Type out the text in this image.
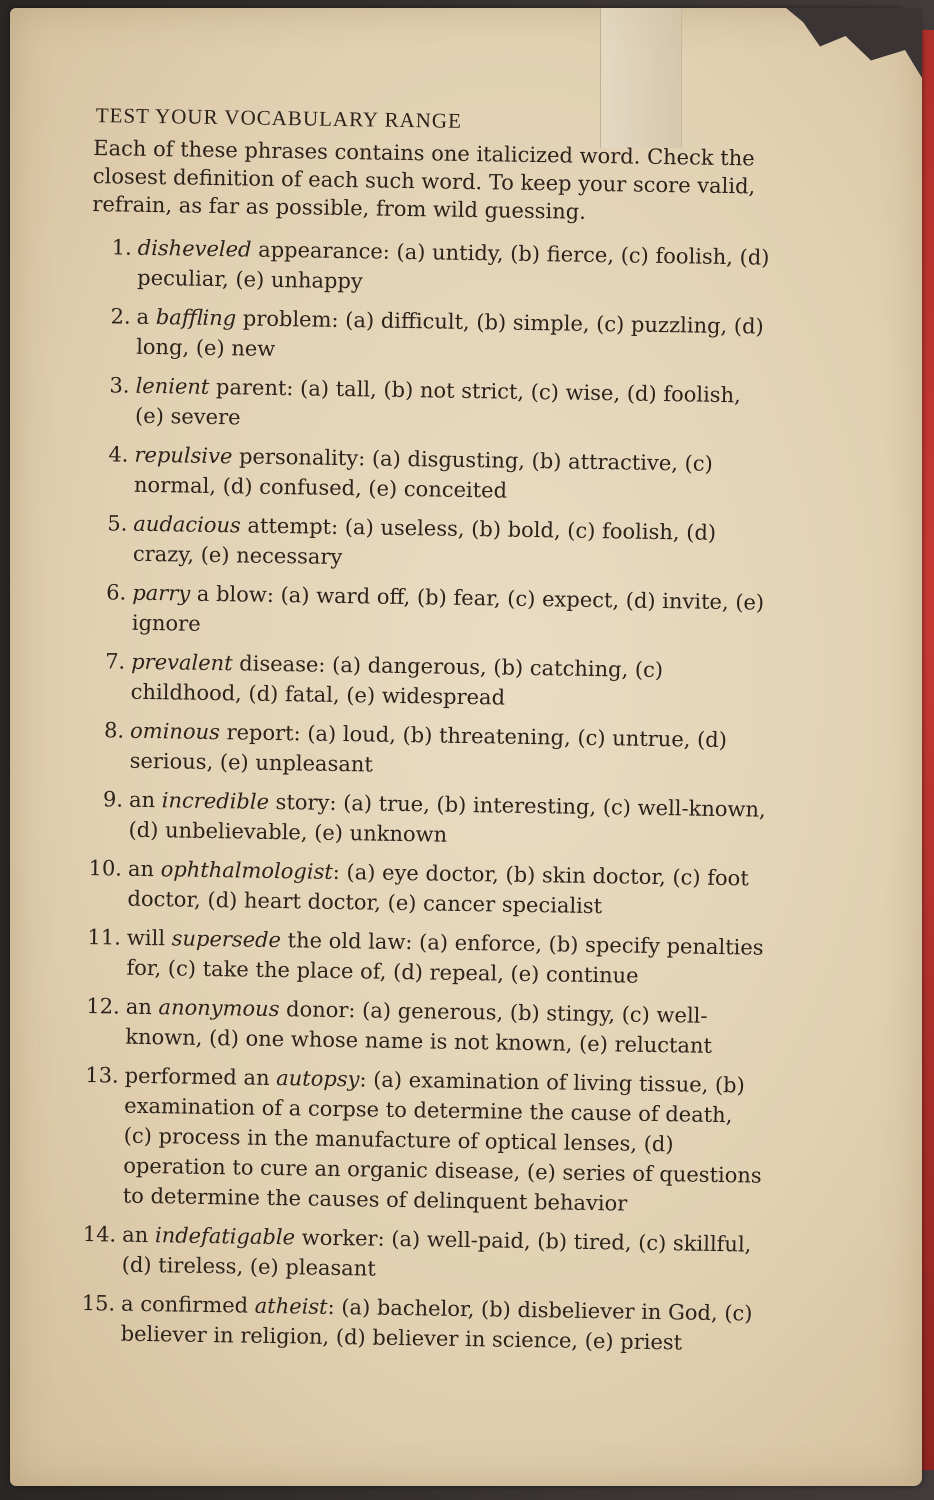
TEST YOUR VOCABULARY RANGE
Each of these phrases contains one italicized word. Check the closest definition of each such word. To keep your score valid, refrain, as far as possible, from wild guessing.
1. disheveled appearance: (a) untidy, (b) fierce, (c) foolish, (d) peculiar, (e) unhappy
2. a baffling problem: (a) difficult, (b) simple, (c) puzzling, (d) long, (e) new
3. lenient parent: (a) tall, (b) not strict, (c) wise, (d) foolish, (e) severe
4. repulsive personality: (a) disgusting, (b) attractive, (c) normal, (d) confused, (e) conceited
5. audacious attempt: (a) useless, (b) bold, (c) foolish, (d) crazy, (e) necessary
6. parry a blow: (a) ward off, (b) fear, (c) expect, (d) invite, (e) ignore
7. prevalent disease: (a) dangerous, (b) catching, (c) childhood, (d) fatal, (e) widespread
8. ominous report: (a) loud, (b) threatening, (c) untrue, (d) serious, (e) unpleasant
9. an incredible story: (a) true, (b) interesting, (c) well-known, (d) unbelievable, (e) unknown
10. an ophthalmologist: (a) eye doctor, (b) skin doctor, (c) foot doctor, (d) heart doctor, (e) cancer specialist
11. will supersede the old law: (a) enforce, (b) specify penalties for, (c) take the place of, (d) repeal, (e) continue
12. an anonymous donor: (a) generous, (b) stingy, (c) well-known, (d) one whose name is not known, (e) reluctant
13. performed an autopsy: (a) examination of living tissue, (b) examination of a corpse to determine the cause of death, (c) process in the manufacture of optical lenses, (d) operation to cure an organic disease, (e) series of questions to determine the causes of delinquent behavior
14. an indefatigable worker: (a) well-paid, (b) tired, (c) skillful, (d) tireless, (e) pleasant
15. a confirmed atheist: (a) bachelor, (b) disbeliever in God, (c) believer in religion, (d) believer in science, (e) priest
